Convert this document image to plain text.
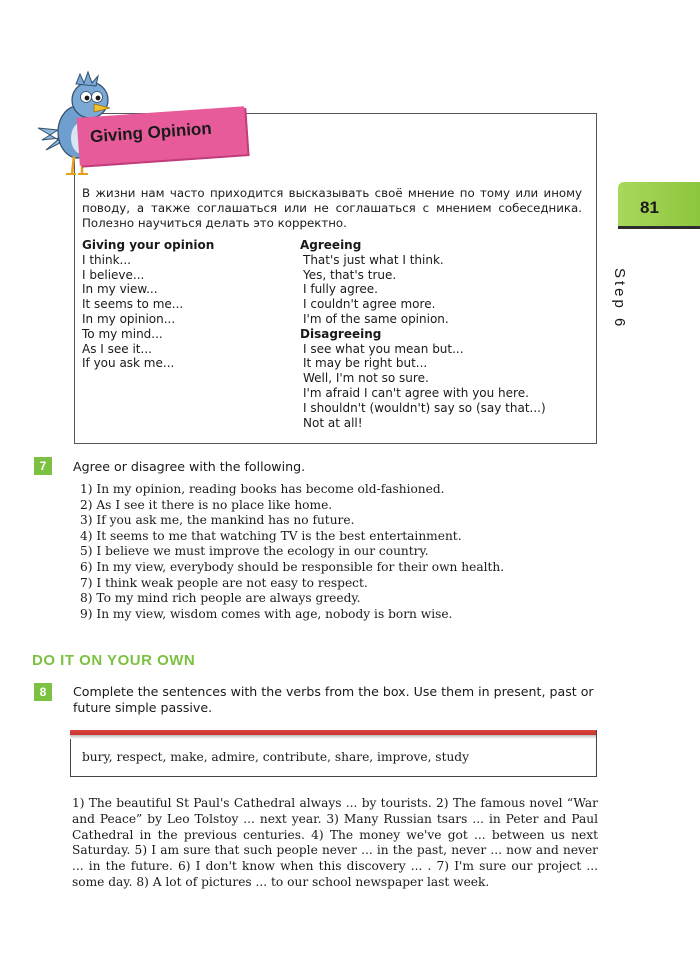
81
Step 6
Giving Opinion
В жизни нам часто приходится высказывать своё мнение по тому или иному поводу, а также соглашаться или не соглашаться с мнением собеседника. Полезно научиться делать это корректно.
Giving your opinion
I think...
I believe...
In my view...
It seems to me...
In my opinion...
To my mind...
As I see it...
If you ask me...
Agreeing
That's just what I think.
Yes, that's true.
I fully agree.
I couldn't agree more.
I'm of the same opinion.
Disagreeing
I see what you mean but...
It may be right but...
Well, I'm not so sure.
I'm afraid I can't agree with you here.
I shouldn't (wouldn't) say so (say that...)
Not at all!
7	Agree or disagree with the following.
1) In my opinion, reading books has become old-fashioned.
2) As I see it there is no place like home.
3) If you ask me, the mankind has no future.
4) It seems to me that watching TV is the best entertainment.
5) I believe we must improve the ecology in our country.
6) In my view, everybody should be responsible for their own health.
7) I think weak people are not easy to respect.
8) To my mind rich people are always greedy.
9) In my view, wisdom comes with age, nobody is born wise.
DO IT ON YOUR OWN
8	Complete the sentences with the verbs from the box. Use them in present, past or future simple passive.
bury, respect, make, admire, contribute, share, improve, study
1) The beautiful St Paul's Cathedral always ... by tourists. 2) The famous novel “War and Peace” by Leo Tolstoy ... next year. 3) Many Russian tsars ... in Peter and Paul Cathedral in the previous centuries. 4) The money we've got ... between us next Saturday. 5) I am sure that such people never ... in the past, never ... now and never ... in the future. 6) I don't know when this discovery ... . 7) I'm sure our project ... some day. 8) A lot of pictures ... to our school newspaper last week.
